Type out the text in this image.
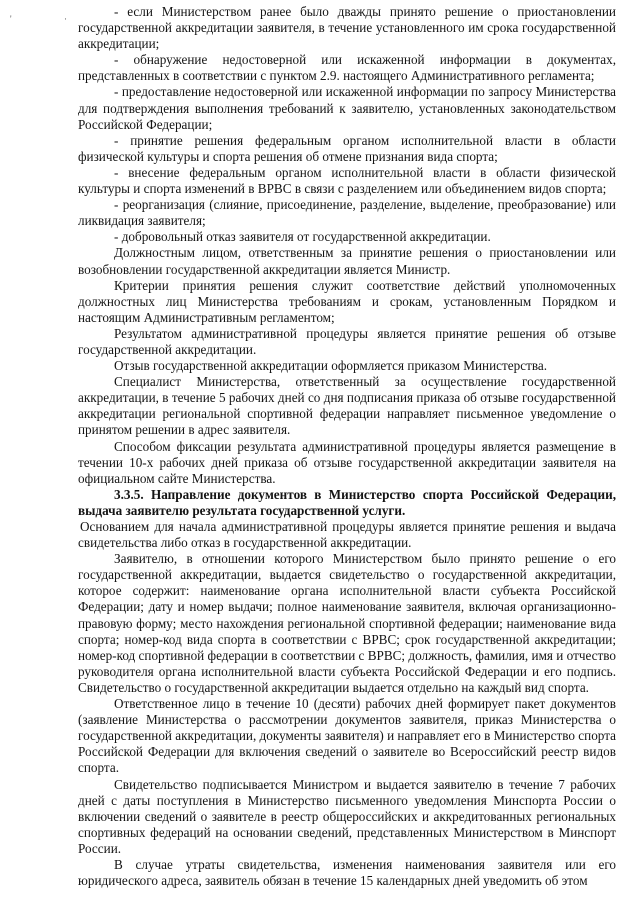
'	·	- если Министерством ранее было дважды принято решение о приостановлении государственной аккредитации заявителя, в течение установленного им срока государственной аккредитации;

- обнаружение недостоверной или искаженной информации в документах, представленных в соответствии с пунктом 2.9. настоящего Административного регламента;

- предоставление недостоверной или искаженной информации по запросу Министерства для подтверждения выполнения требований к заявителю, установленных законодательством Российской Федерации;

- принятие решения федеральным органом исполнительной власти в области физической культуры и спорта решения об отмене признания вида спорта;

- внесение федеральным органом исполнительной власти в области физической культуры и спорта изменений в ВРВС в связи с разделением или объединением видов спорта;

- реорганизация (слияние, присоединение, разделение, выделение, преобразование) или ликвидация заявителя;

- добровольный отказ заявителя от государственной аккредитации.

Должностным лицом, ответственным за принятие решения о приостановлении или возобновлении государственной аккредитации является Министр.

Критерии принятия решения служит соответствие действий уполномоченных должностных лиц Министерства требованиям и срокам, установленным Порядком и настоящим Административным регламентом;

Результатом административной процедуры является принятие решения об отзыве государственной аккредитации.

Отзыв государственной аккредитации оформляется приказом Министерства.

Специалист Министерства, ответственный за осуществление государственной аккредитации, в течение 5 рабочих дней со дня подписания приказа об отзыве государственной аккредитации региональной спортивной федерации направляет письменное уведомление о принятом решении в адрес заявителя.

Способом фиксации результата административной процедуры является размещение в течении 10-х рабочих дней приказа об отзыве государственной аккредитации заявителя на официальном сайте Министерства.

3.3.5. Направление документов в Министерство спорта Российской Федерации, выдача заявителю результата государственной услуги.

Основанием для начала административной процедуры является принятие решения и выдача свидетельства либо отказ в государственной аккредитации.

Заявителю, в отношении которого Министерством было принято решение о его государственной аккредитации, выдается свидетельство о государственной аккредитации, которое содержит: наименование органа исполнительной власти субъекта Российской Федерации; дату и номер выдачи; полное наименование заявителя, включая организационно-правовую форму; место нахождения региональной спортивной федерации; наименование вида спорта; номер-код вида спорта в соответствии с ВРВС; срок государственной аккредитации; номер-код спортивной федерации в соответствии с ВРВС; должность, фамилия, имя и отчество руководителя органа исполнительной власти субъекта Российской Федерации и его подпись. Свидетельство о государственной аккредитации выдается отдельно на каждый вид спорта.

Ответственное лицо в течение 10 (десяти) рабочих дней формирует пакет документов (заявление Министерства о рассмотрении документов заявителя, приказ Министерства о государственной аккредитации, документы заявителя) и направляет его в Министерство спорта Российской Федерации для включения сведений о заявителе во Всероссийский реестр видов спорта.

Свидетельство подписывается Министром и выдается заявителю в течение 7 рабочих дней с даты поступления в Министерство письменного уведомления Минспорта России о включении сведений о заявителе в реестр общероссийских и аккредитованных региональных спортивных федераций на основании сведений, представленных Министерством в Минспорт России.

В случае утраты свидетельства, изменения наименования заявителя или его юридического адреса, заявитель обязан в течение 15 календарных дней уведомить об этом
